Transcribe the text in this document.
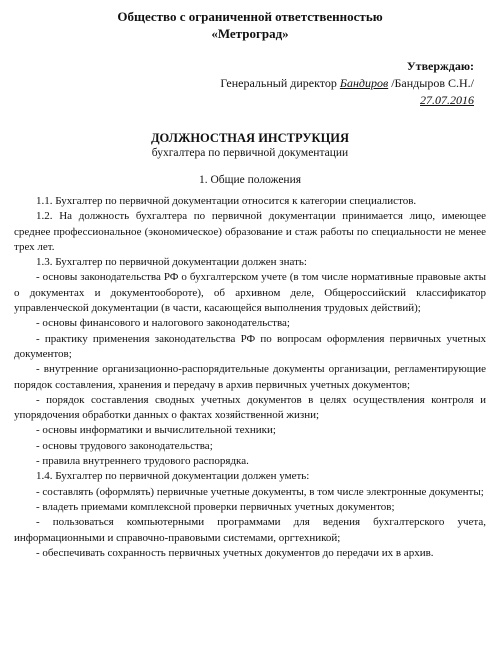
Общество с ограниченной ответственностью
«Метроград»
Утверждаю:
Генеральный директор Бандиров /Бандыров С.Н./
27.07.2016
ДОЛЖНОСТНАЯ ИНСТРУКЦИЯ
бухгалтера по первичной документации
1. Общие положения

1.1. Бухгалтер по первичной документации относится к категории специалистов.

1.2. На должность бухгалтера по первичной документации принимается лицо, имеющее среднее профессиональное (экономическое) образование и стаж работы по специальности не менее трех лет.

1.3. Бухгалтер по первичной документации должен знать:

- основы законодательства РФ о бухгалтерском учете (в том числе нормативные правовые акты о документах и документообороте), об архивном деле, Общероссийский классификатор управленческой документации (в части, касающейся выполнения трудовых действий);

- основы финансового и налогового законодательства;

- практику применения законодательства РФ по вопросам оформления первичных учетных документов;

- внутренние организационно-распорядительные документы организации, регламентирующие порядок составления, хранения и передачу в архив первичных учетных документов;

- порядок составления сводных учетных документов в целях осуществления контроля и упорядочения обработки данных о фактах хозяйственной жизни;

- основы информатики и вычислительной техники;

- основы трудового законодательства;

- правила внутреннего трудового распорядка.

1.4. Бухгалтер по первичной документации должен уметь:

- составлять (оформлять) первичные учетные документы, в том числе электронные документы;

- владеть приемами комплексной проверки первичных учетных документов;

- пользоваться компьютерными программами для ведения бухгалтерского учета, информационными и справочно-правовыми системами, оргтехникой;

- обеспечивать сохранность первичных учетных документов до передачи их в архив.
